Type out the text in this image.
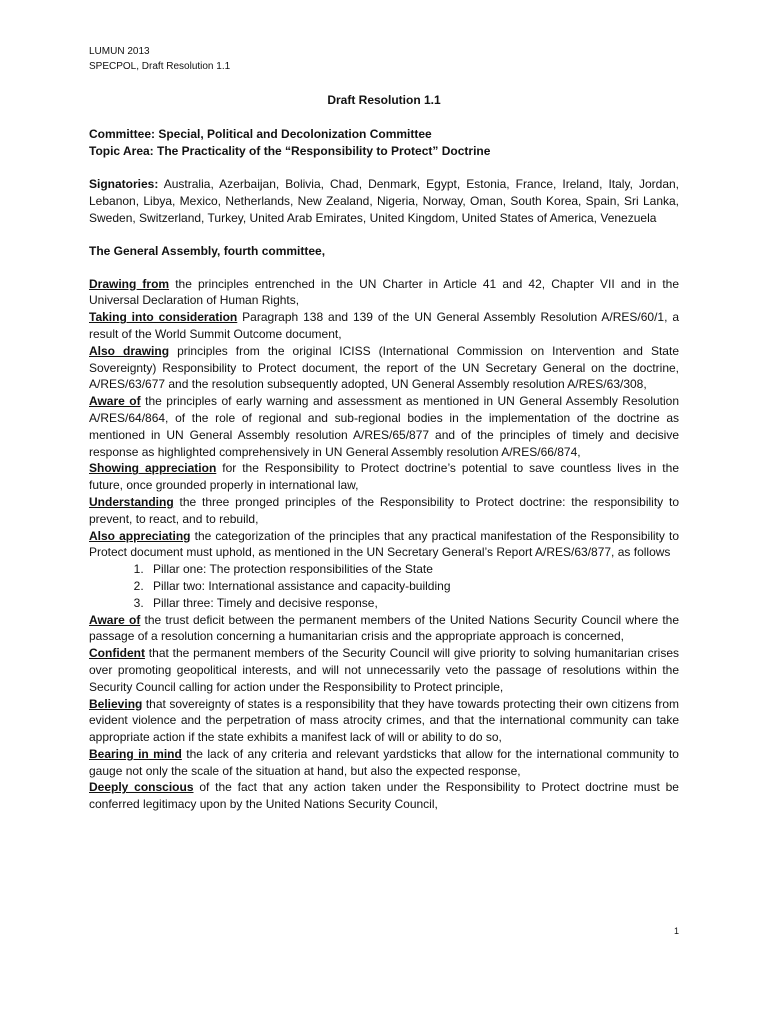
LUMUN 2013
SPECPOL, Draft Resolution 1.1
Draft Resolution 1.1
Committee: Special, Political and Decolonization Committee
Topic Area: The Practicality of the “Responsibility to Protect” Doctrine
Signatories: Australia, Azerbaijan, Bolivia, Chad, Denmark, Egypt, Estonia, France, Ireland, Italy, Jordan, Lebanon, Libya, Mexico, Netherlands, New Zealand, Nigeria, Norway, Oman, South Korea, Spain, Sri Lanka, Sweden, Switzerland, Turkey, United Arab Emirates, United Kingdom, United States of America, Venezuela
The General Assembly, fourth committee,

Drawing from the principles entrenched in the UN Charter in Article 41 and 42, Chapter VII and in the Universal Declaration of Human Rights,

Taking into consideration Paragraph 138 and 139 of the UN General Assembly Resolution A/RES/60/1, a result of the World Summit Outcome document,

Also drawing principles from the original ICISS (International Commission on Intervention and State Sovereignty) Responsibility to Protect document, the report of the UN Secretary General on the doctrine, A/RES/63/677 and the resolution subsequently adopted, UN General Assembly resolution A/RES/63/308,

Aware of the principles of early warning and assessment as mentioned in UN General Assembly Resolution A/RES/64/864, of the role of regional and sub-regional bodies in the implementation of the doctrine as mentioned in UN General Assembly resolution A/RES/65/877 and of the principles of timely and decisive response as highlighted comprehensively in UN General Assembly resolution A/RES/66/874,

Showing appreciation for the Responsibility to Protect doctrine’s potential to save countless lives in the future, once grounded properly in international law,

Understanding the three pronged principles of the Responsibility to Protect doctrine: the responsibility to prevent, to react, and to rebuild,

Also appreciating the categorization of the principles that any practical manifestation of the Responsibility to Protect document must uphold, as mentioned in the UN Secretary General’s Report A/RES/63/877, as follows

1. Pillar one: The protection responsibilities of the State
2. Pillar two: International assistance and capacity-building
3. Pillar three: Timely and decisive response,

Aware of the trust deficit between the permanent members of the United Nations Security Council where the passage of a resolution concerning a humanitarian crisis and the appropriate approach is concerned,

Confident that the permanent members of the Security Council will give priority to solving humanitarian crises over promoting geopolitical interests, and will not unnecessarily veto the passage of resolutions within the Security Council calling for action under the Responsibility to Protect principle,

Believing that sovereignty of states is a responsibility that they have towards protecting their own citizens from evident violence and the perpetration of mass atrocity crimes, and that the international community can take appropriate action if the state exhibits a manifest lack of will or ability to do so,

Bearing in mind the lack of any criteria and relevant yardsticks that allow for the international community to gauge not only the scale of the situation at hand, but also the expected response,

Deeply conscious of the fact that any action taken under the Responsibility to Protect doctrine must be conferred legitimacy upon by the United Nations Security Council,

1
